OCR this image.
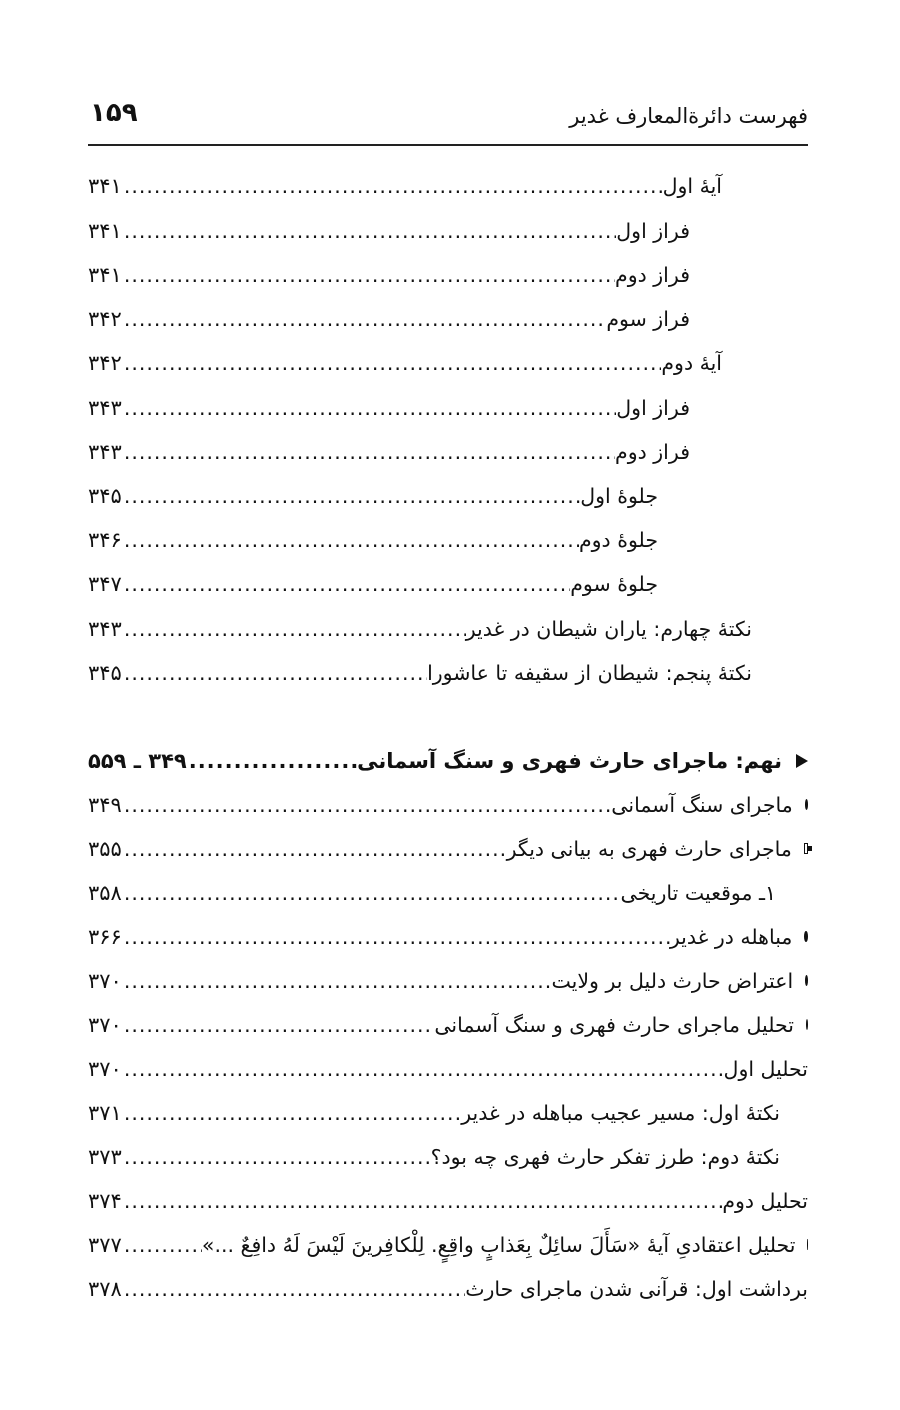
فهرست دائرةالمعارف غدیر
۱۵۹
آیهٔ اول
.....
۳۴۱
فراز اول
.....
۳۴۱
فراز دوم
.....
۳۴۱
فراز سوم
.....
۳۴۲
آیهٔ دوم
.....
۳۴۲
فراز اول
.....
۳۴۳
فراز دوم
.....
۳۴۳
جلوهٔ اول
.....
۳۴۵
جلوهٔ دوم
.....
۳۴۶
جلوهٔ سوم
.....
۳۴۷
نکتهٔ چهارم: یاران شیطان در غدیر
.....
۳۴۳
نکتهٔ پنجم: شیطان از سقیفه تا عاشورا
.....
۳۴۵
نهم: ماجرای حارث فهری و سنگ آسمانی
.....
۳۴۹ ـ ۵۵۹
ماجرای سنگ آسمانی
.....
۳۴۹
ماجرای حارث فهری به بیانی دیگر
.....
۳۵۵
۱ـ موقعیت تاریخی
.....
۳۵۸
مباهله در غدیر
.....
۳۶۶
اعتراض حارث دلیل بر ولایت
.....
۳۷۰
تحلیل ماجرای حارث فهری و سنگ آسمانی
.....
۳۷۰
تحلیل اول
.....
۳۷۰
نکتهٔ اول: مسیر عجیب مباهله در غدیر
.....
۳۷۱
نکتهٔ دوم: طرز تفکر حارث فهری چه بود؟
.....
۳۷۳
تحلیل دوم
.....
۳۷۴
تحلیل اعتقادیِ آیهٔ «سَأَلَ سائِلٌ بِعَذابٍ واقِعٍ. لِلْکافِرینَ لَیْسَ لَهُ دافِعٌ ...»
.....
۳۷۷
برداشت اول: قرآنی شدن ماجرای حارث
.....
۳۷۸
